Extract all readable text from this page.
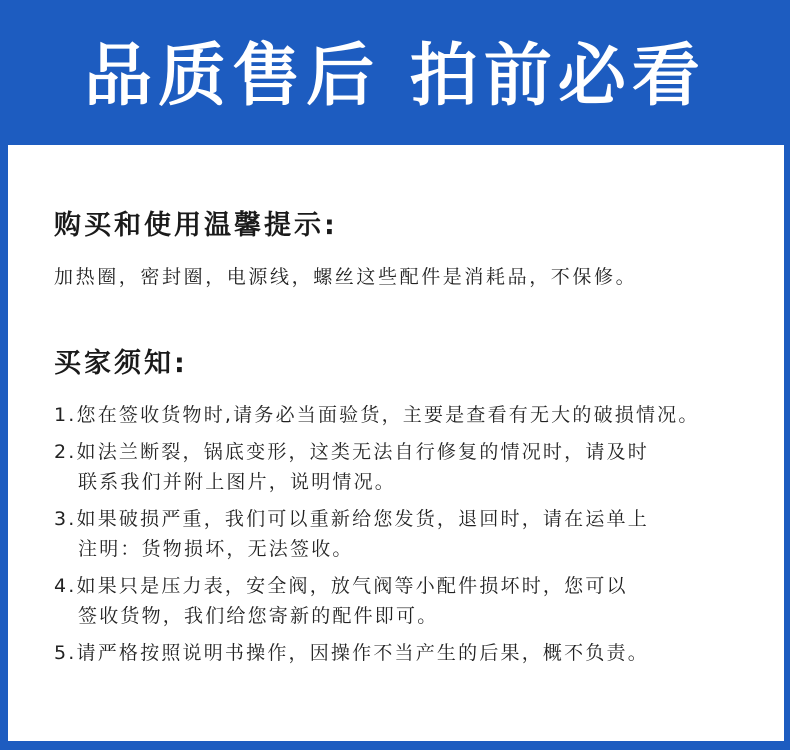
品质售后 拍前必看
购买和使用温馨提示:
加热圈，密封圈，电源线，螺丝这些配件是消耗品，不保修。
买家须知:
1.您在签收货物时,请务必当面验货，主要是查看有无大的破损情况。
2.如法兰断裂，锅底变形，这类无法自行修复的情况时，请及时
联系我们并附上图片，说明情况。
3.如果破损严重，我们可以重新给您发货，退回时，请在运单上
注明：货物损坏，无法签收。
4.如果只是压力表，安全阀，放气阀等小配件损坏时，您可以
签收货物，我们给您寄新的配件即可。
5.请严格按照说明书操作，因操作不当产生的后果，概不负责。
